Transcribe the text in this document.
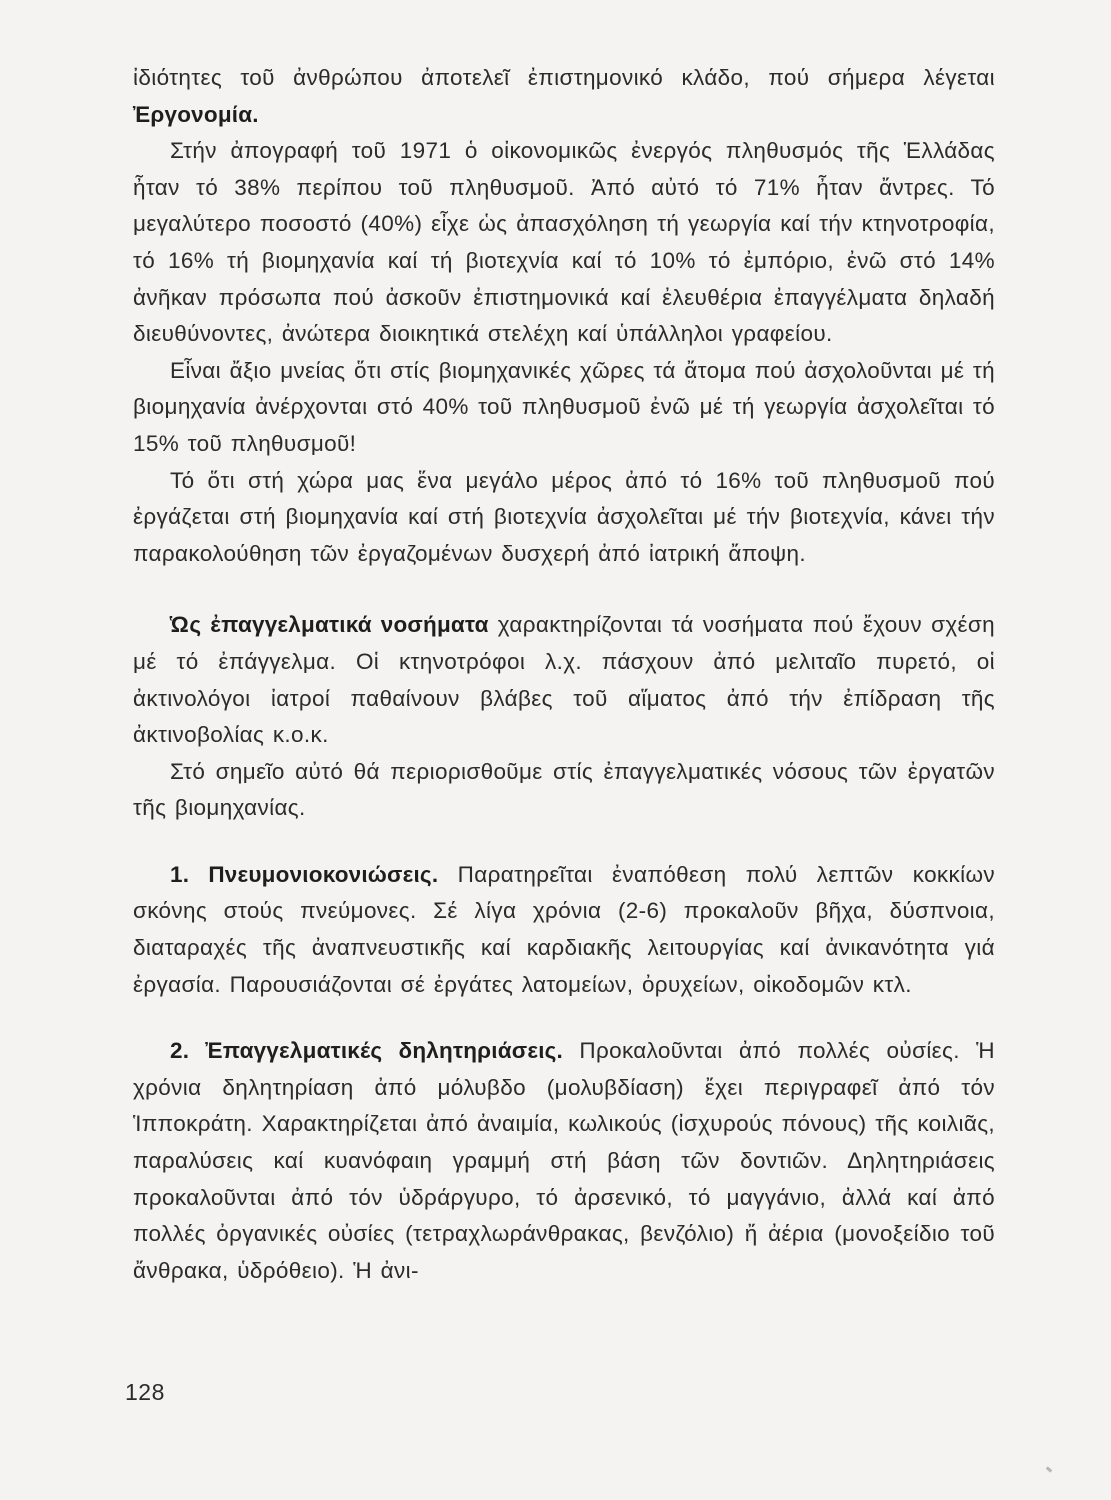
ἰδιότητες τοῦ ἀνθρώπου ἀποτελεῖ ἐπιστημονικό κλάδο, πού σήμερα λέγεται Ἐργονομία.

Στήν ἀπογραφή τοῦ 1971 ὁ οἰκονομικῶς ἐνεργός πληθυσμός τῆς Ἑλλάδας ἦταν τό 38% περίπου τοῦ πληθυσμοῦ. Ἀπό αὐτό τό 71% ἦταν ἄντρες. Τό μεγαλύτερο ποσοστό (40%) εἶχε ὡς ἀπασχόληση τή γεωργία καί τήν κτηνοτροφία, τό 16% τή βιομηχανία καί τή βιοτεχνία καί τό 10% τό ἐμπόριο, ἐνῶ στό 14% ἀνῆκαν πρόσωπα πού ἀσκοῦν ἐπιστημονικά καί ἐλευθέρια ἐπαγγέλματα δηλαδή διευθύνοντες, ἀνώτερα διοικητικά στελέχη καί ὑπάλληλοι γραφείου.

Εἶναι ἄξιο μνείας ὅτι στίς βιομηχανικές χῶρες τά ἄτομα πού ἀσχολοῦνται μέ τή βιομηχανία ἀνέρχονται στό 40% τοῦ πληθυσμοῦ ἐνῶ μέ τή γεωργία ἀσχολεῖται τό 15% τοῦ πληθυσμοῦ!

Τό ὅτι στή χώρα μας ἕνα μεγάλο μέρος ἀπό τό 16% τοῦ πληθυσμοῦ πού ἐργάζεται στή βιομηχανία καί στή βιοτεχνία ἀσχολεῖται μέ τήν βιοτεχνία, κάνει τήν παρακολούθηση τῶν ἐργαζομένων δυσχερή ἀπό ἰατρική ἄποψη.

Ὡς ἐπαγγελματικά νοσήματα χαρακτηρίζονται τά νοσήματα πού ἔχουν σχέση μέ τό ἐπάγγελμα. Οἱ κτηνοτρόφοι λ.χ. πάσχουν ἀπό μελιταῖο πυρετό, οἱ ἀκτινολόγοι ἰατροί παθαίνουν βλάβες τοῦ αἵματος ἀπό τήν ἐπίδραση τῆς ἀκτινοβολίας κ.ο.κ.

Στό σημεῖο αὐτό θά περιορισθοῦμε στίς ἐπαγγελματικές νόσους τῶν ἐργατῶν τῆς βιομηχανίας.

1. Πνευμονιοκονιώσεις. Παρατηρεῖται ἐναπόθεση πολύ λεπτῶν κοκκίων σκόνης στούς πνεύμονες. Σέ λίγα χρόνια (2-6) προκαλοῦν βῆχα, δύσπνοια, διαταραχές τῆς ἀναπνευστικῆς καί καρδιακῆς λειτουργίας καί ἀνικανότητα γιά ἐργασία. Παρουσιάζονται σέ ἐργάτες λατομείων, ὀρυχείων, οἰκοδομῶν κτλ.

2. Ἐπαγγελματικές δηλητηριάσεις. Προκαλοῦνται ἀπό πολλές οὐσίες. Ἡ χρόνια δηλητηρίαση ἀπό μόλυβδο (μολυβδίαση) ἔχει περιγραφεῖ ἀπό τόν Ἱπποκράτη. Χαρακτηρίζεται ἀπό ἀναιμία, κωλικούς (ἰσχυρούς πόνους) τῆς κοιλιᾶς, παραλύσεις καί κυανόφαιη γραμμή στή βάση τῶν δοντιῶν. Δηλητηριάσεις προκαλοῦνται ἀπό τόν ὑδράργυρο, τό ἀρσενικό, τό μαγγάνιο, ἀλλά καί ἀπό πολλές ὀργανικές οὐσίες (τετραχλωράνθρακας, βενζόλιο) ἤ ἀέρια (μονοξείδιο τοῦ ἄνθρακα, ὑδρόθειο). Ἡ ἀνι-

128
